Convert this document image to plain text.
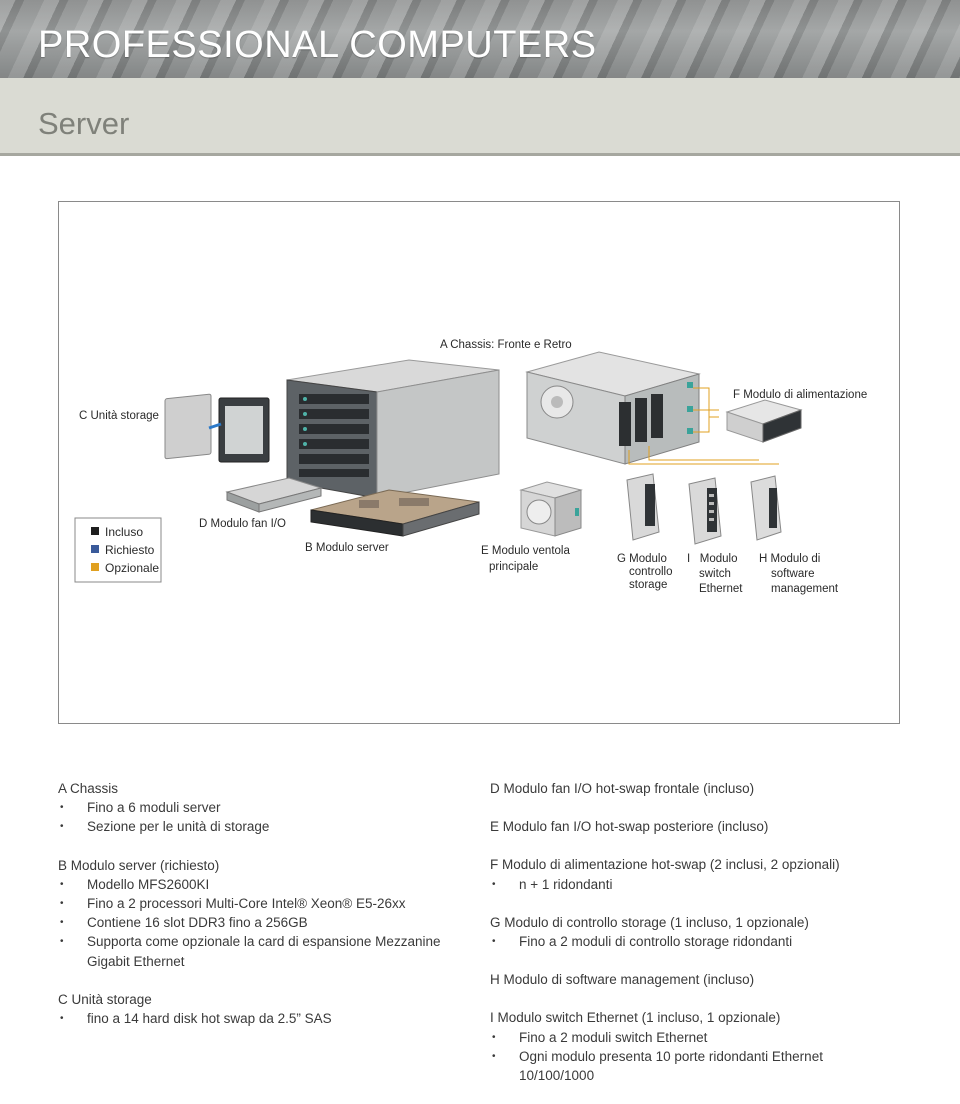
PROFESSIONAL COMPUTERS
Server
A Chassis: Fronte e Retro
C Unità storage
F Modulo di alimentazione
D Modulo fan I/O
B Modulo server	E Modulo ventola
principale
G Modulo
controllo
storage
I   Modulo
switch
Ethernet
H Modulo di
software
management
Incluso
Richiesto
Opzionale
A Chassis
• Fino a 6 moduli server
• Sezione per le unità di storage
B Modulo server (richiesto)
• Modello MFS2600KI
• Fino a 2 processori Multi-Core Intel® Xeon® E5-26xx
• Contiene 16 slot DDR3 fino a 256GB
• Supporta come opzionale la card di espansione Mezzanine
Gigabit Ethernet
C Unità storage
• fino a 14 hard disk hot swap da 2.5” SAS
D Modulo fan I/O hot-swap frontale (incluso)
E Modulo fan I/O hot-swap posteriore (incluso)
F Modulo di alimentazione hot-swap (2 inclusi, 2 opzionali)
• n + 1 ridondanti
G Modulo di controllo storage (1 incluso, 1 opzionale)
• Fino a 2 moduli di controllo storage ridondanti
H Modulo di software management (incluso)
I Modulo switch Ethernet (1 incluso, 1 opzionale)
• Fino a 2 moduli switch Ethernet
• Ogni modulo presenta 10 porte ridondanti Ethernet
10/100/1000
